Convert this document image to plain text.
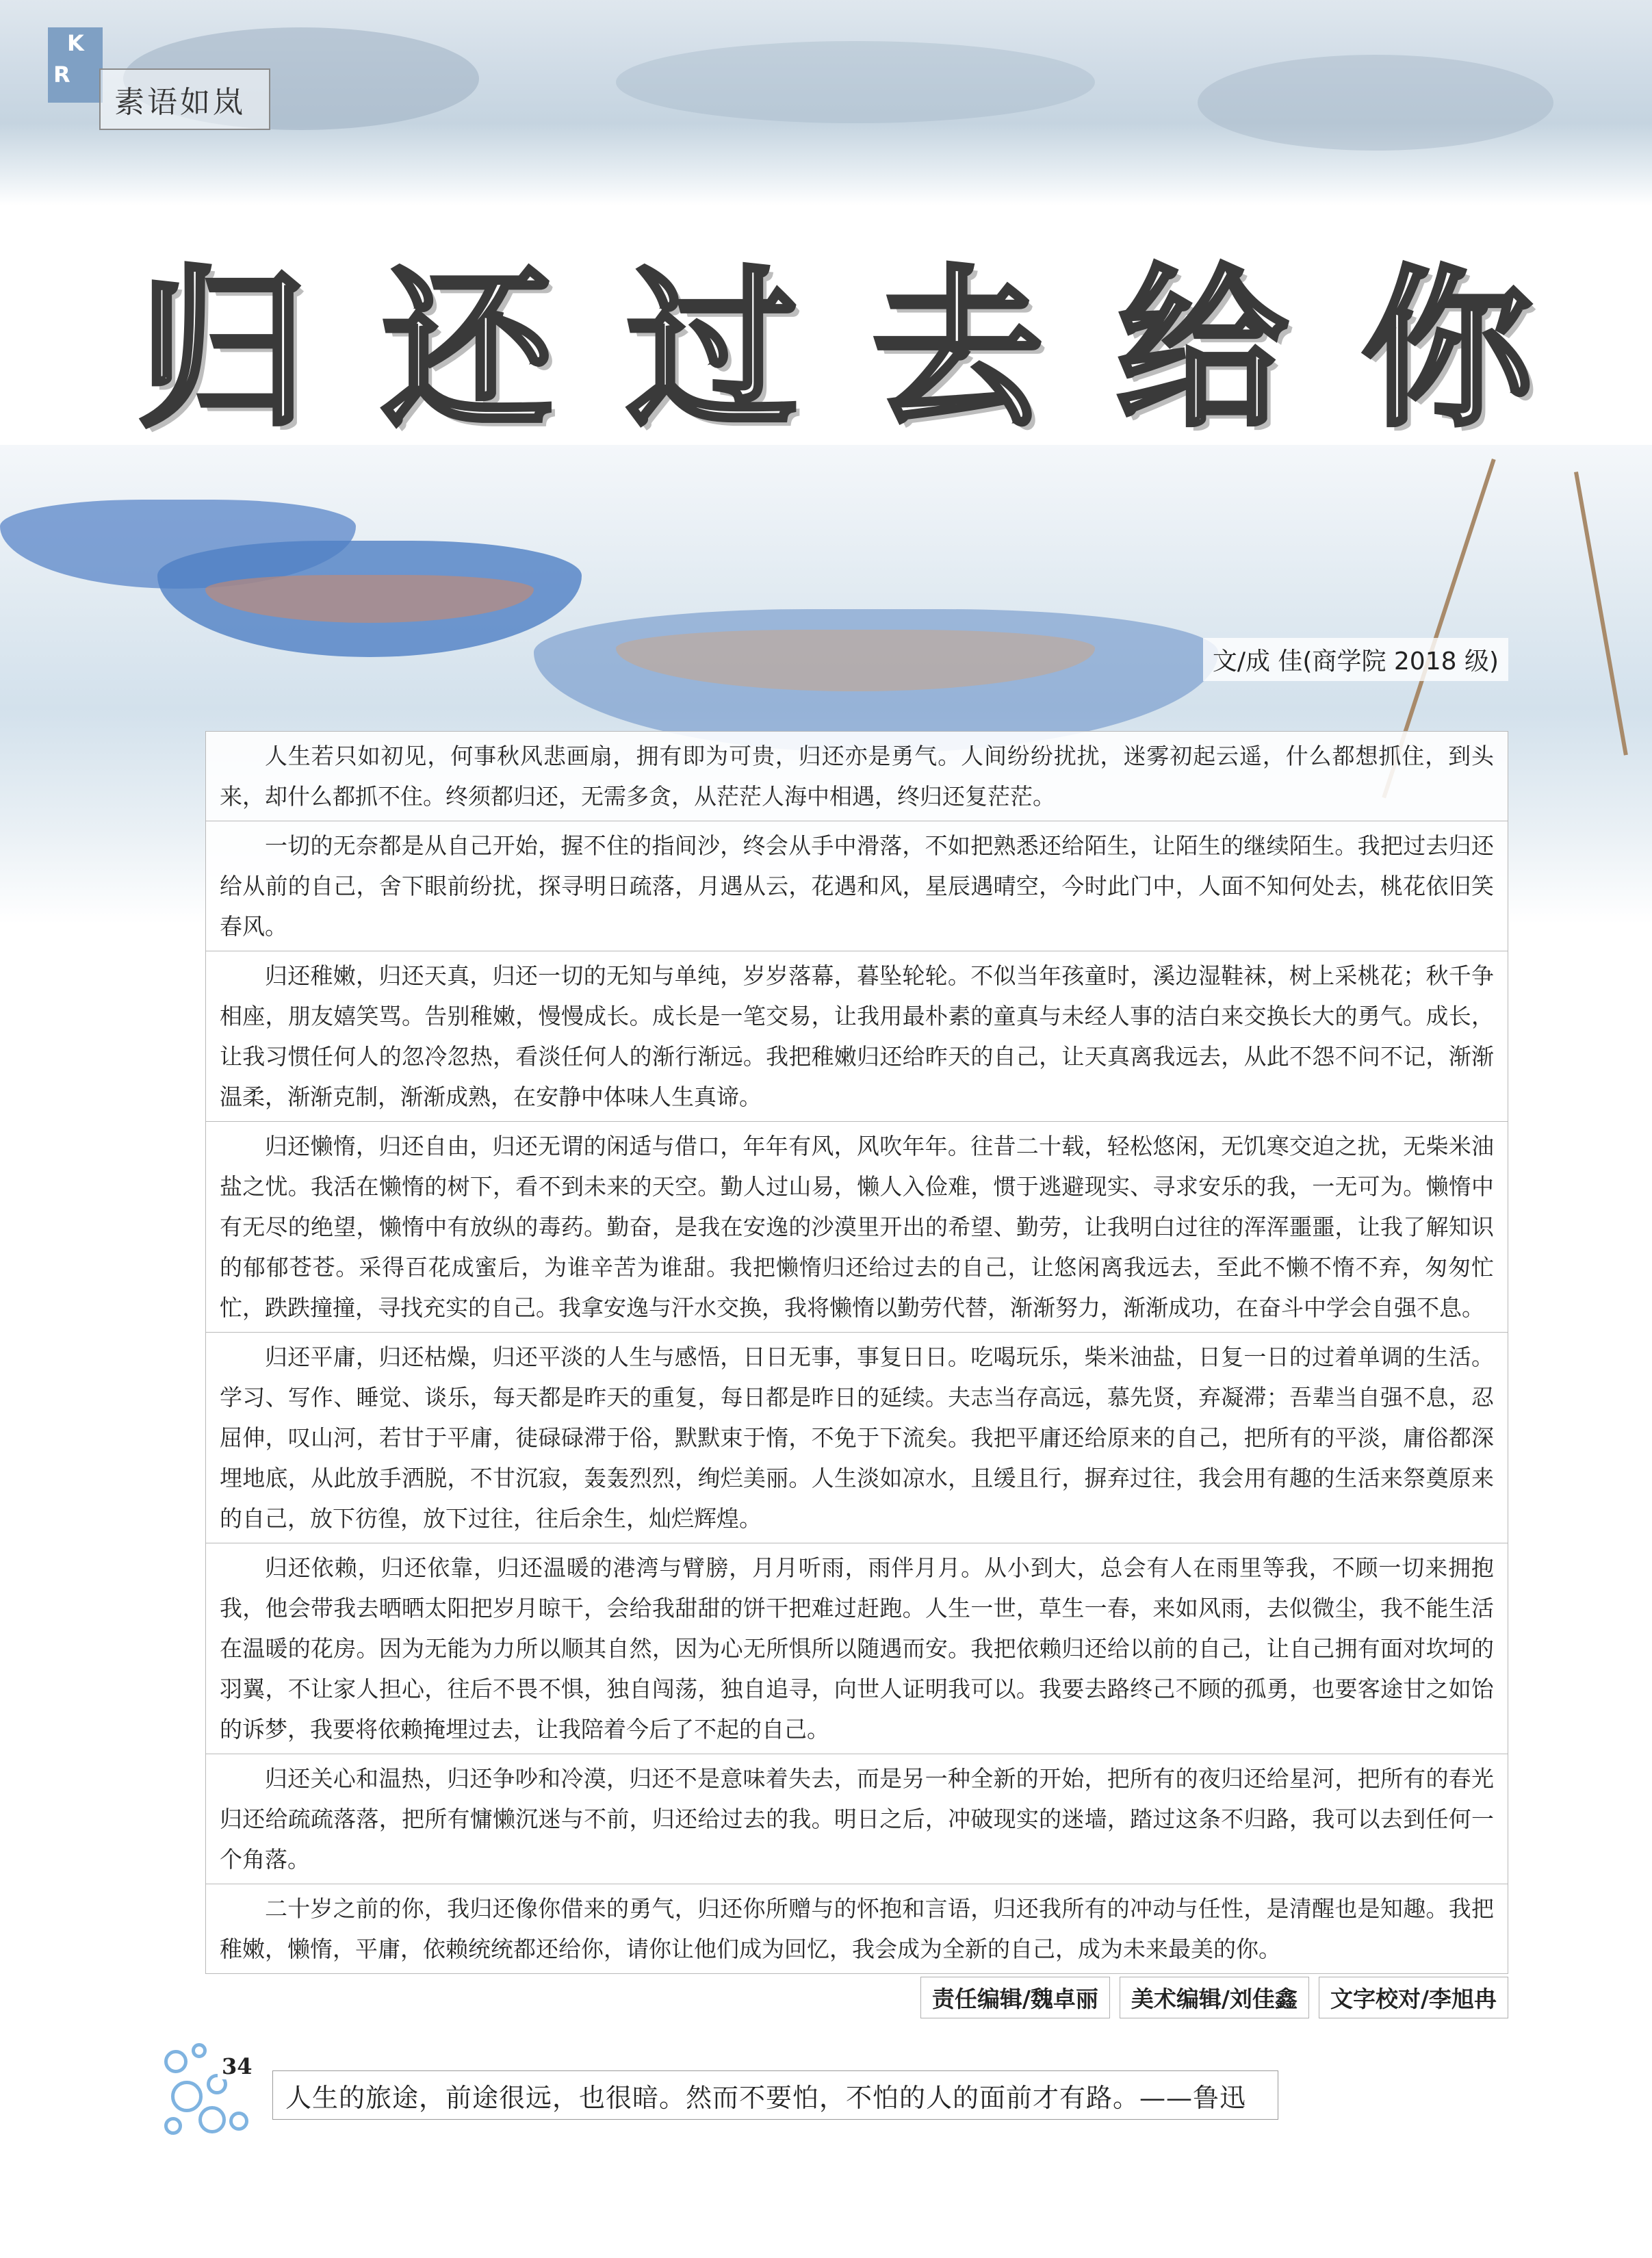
K
R
素语如岚
归 还 过 去 给 你
文/成 佳(商学院 2018 级)

人生若只如初见，何事秋风悲画扇，拥有即为可贵，归还亦是勇气。人间纷纷扰扰，迷雾初起云遥，什么都想抓住，到头来，却什么都抓不住。终须都归还，无需多贪，从茫茫人海中相遇，终归还复茫茫。

一切的无奈都是从自己开始，握不住的指间沙，终会从手中滑落，不如把熟悉还给陌生，让陌生的继续陌生。我把过去归还给从前的自己，舍下眼前纷扰，探寻明日疏落，月遇从云，花遇和风，星辰遇晴空，今时此门中，人面不知何处去，桃花依旧笑春风。

归还稚嫩，归还天真，归还一切的无知与单纯，岁岁落幕，暮坠轮轮。不似当年孩童时，溪边湿鞋袜，树上采桃花；秋千争相座，朋友嬉笑骂。告别稚嫩，慢慢成长。成长是一笔交易，让我用最朴素的童真与未经人事的洁白来交换长大的勇气。成长，让我习惯任何人的忽冷忽热，看淡任何人的渐行渐远。我把稚嫩归还给昨天的自己，让天真离我远去，从此不怨不问不记，渐渐温柔，渐渐克制，渐渐成熟，在安静中体味人生真谛。

归还懒惰，归还自由，归还无谓的闲适与借口，年年有风，风吹年年。往昔二十载，轻松悠闲，无饥寒交迫之扰，无柴米油盐之忧。我活在懒惰的树下，看不到未来的天空。勤人过山易，懒人入俭难，惯于逃避现实、寻求安乐的我，一无可为。懒惰中有无尽的绝望，懒惰中有放纵的毒药。勤奋，是我在安逸的沙漠里开出的希望、勤劳，让我明白过往的浑浑噩噩，让我了解知识的郁郁苍苍。采得百花成蜜后，为谁辛苦为谁甜。我把懒惰归还给过去的自己，让悠闲离我远去，至此不懒不惰不弃，匆匆忙忙，跌跌撞撞，寻找充实的自己。我拿安逸与汗水交换，我将懒惰以勤劳代替，渐渐努力，渐渐成功，在奋斗中学会自强不息。

归还平庸，归还枯燥，归还平淡的人生与感悟，日日无事，事复日日。吃喝玩乐，柴米油盐，日复一日的过着单调的生活。学习、写作、睡觉、谈乐，每天都是昨天的重复，每日都是昨日的延续。夫志当存高远，慕先贤，弃凝滞；吾辈当自强不息，忍屈伸，叹山河，若甘于平庸，徒碌碌滞于俗，默默束于惰，不免于下流矣。我把平庸还给原来的自己，把所有的平淡，庸俗都深埋地底，从此放手洒脱，不甘沉寂，轰轰烈烈，绚烂美丽。人生淡如凉水，且缓且行，摒弃过往，我会用有趣的生活来祭奠原来的自己，放下彷徨，放下过往，往后余生，灿烂辉煌。

归还依赖，归还依靠，归还温暖的港湾与臂膀，月月听雨，雨伴月月。从小到大，总会有人在雨里等我，不顾一切来拥抱我，他会带我去晒晒太阳把岁月晾干，会给我甜甜的饼干把难过赶跑。人生一世，草生一春，来如风雨，去似微尘，我不能生活在温暖的花房。因为无能为力所以顺其自然，因为心无所惧所以随遇而安。我把依赖归还给以前的自己，让自己拥有面对坎坷的羽翼，不让家人担心，往后不畏不惧，独自闯荡，独自追寻，向世人证明我可以。我要去路终己不顾的孤勇，也要客途甘之如饴的诉梦，我要将依赖掩埋过去，让我陪着今后了不起的自己。

归还关心和温热，归还争吵和冷漠，归还不是意味着失去，而是另一种全新的开始，把所有的夜归还给星河，把所有的春光归还给疏疏落落，把所有慵懒沉迷与不前，归还给过去的我。明日之后，冲破现实的迷墙，踏过这条不归路，我可以去到任何一个角落。

二十岁之前的你，我归还像你借来的勇气，归还你所赠与的怀抱和言语，归还我所有的冲动与任性，是清醒也是知趣。我把稚嫩，懒惰，平庸，依赖统统都还给你，请你让他们成为回忆，我会成为全新的自己，成为未来最美的你。

责任编辑/魏卓丽	美术编辑/刘佳鑫	文字校对/李旭冉
34
人生的旅途，前途很远，也很暗。然而不要怕，不怕的人的面前才有路。——鲁迅
